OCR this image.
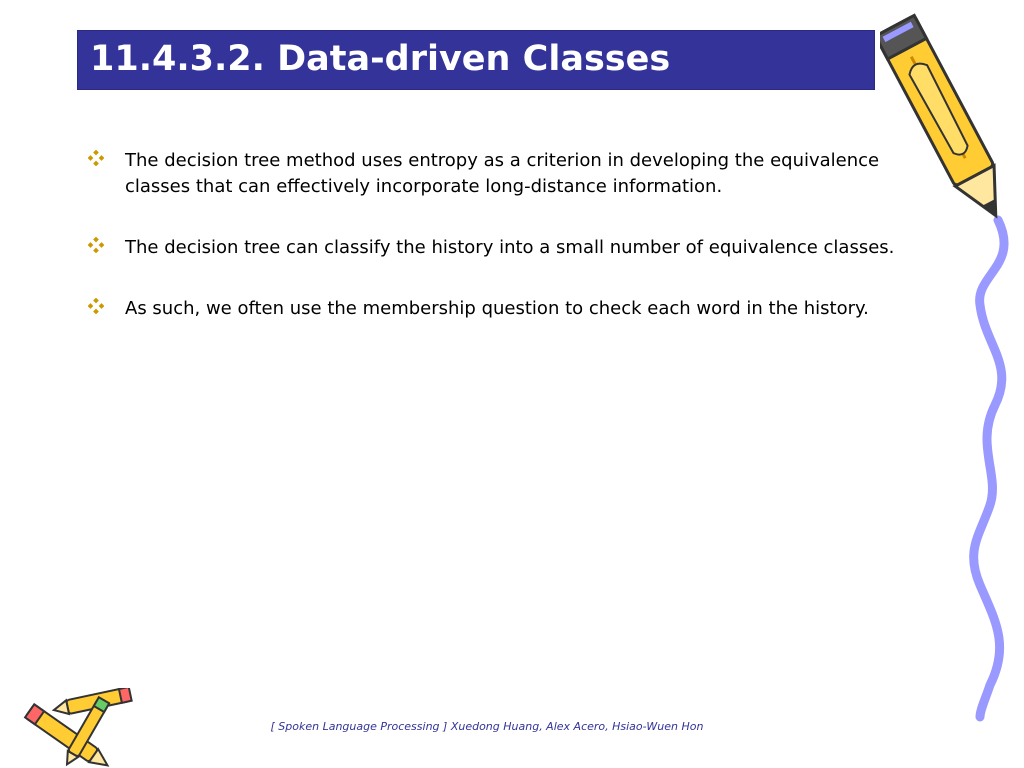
11.4.3.2. Data-driven Classes
The decision tree method uses entropy as a criterion in developing the equivalence classes that can effectively incorporate long-distance information.
The decision tree can classify the history into a small number of equivalence classes.
As such, we often use the membership question to check each word in the history.
[ Spoken Language Processing ] Xuedong Huang, Alex Acero, Hsiao-Wuen Hon
